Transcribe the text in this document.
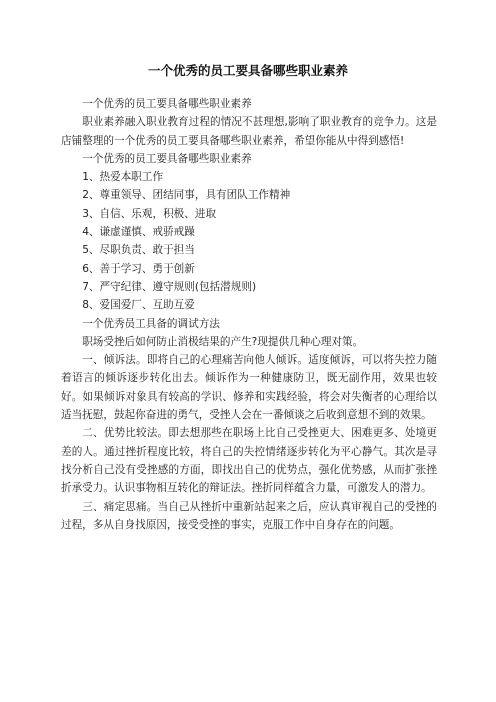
一个优秀的员工要具备哪些职业素养

一个优秀的员工要具备哪些职业素养

职业素养融入职业教育过程的情况不甚理想,影响了职业教育的竞争力。这是店铺整理的一个优秀的员工要具备哪些职业素养，希望你能从中得到感悟!

一个优秀的员工要具备哪些职业素养

1、热爱本职工作

2、尊重领导、团结同事，具有团队工作精神

3、自信、乐观，积极、进取

4、谦虚谨慎、戒骄戒躁

5、尽职负责、敢于担当

6、善于学习、勇于创新

7、严守纪律、遵守规则(包括潜规则)

8、爱国爱厂、互助互爱

一个优秀员工具备的调试方法

职场受挫后如何防止消极结果的产生?现提供几种心理对策。

一、倾诉法。即将自己的心理痛苦向他人倾诉。适度倾诉，可以将失控力随着语言的倾诉逐步转化出去。倾诉作为一种健康防卫，既无副作用，效果也较好。如果倾诉对象具有较高的学识、修养和实践经验，将会对失衡者的心理给以适当抚慰，鼓起你奋进的勇气，受挫人会在一番倾谈之后收到意想不到的效果。

二、优势比较法。即去想那些在职场上比自己受挫更大、困难更多、处境更差的人。通过挫折程度比较，将自己的失控情绪逐步转化为平心静气。其次是寻找分析自己没有受挫感的方面，即找出自己的优势点，强化优势感，从而扩张挫折承受力。认识事物相互转化的辩证法。挫折同样蕴含力量，可激发人的潜力。

三、痛定思痛。当自己从挫折中重新站起来之后，应认真审视自己的受挫的过程，多从自身找原因，接受受挫的事实，克服工作中自身存在的问题。
